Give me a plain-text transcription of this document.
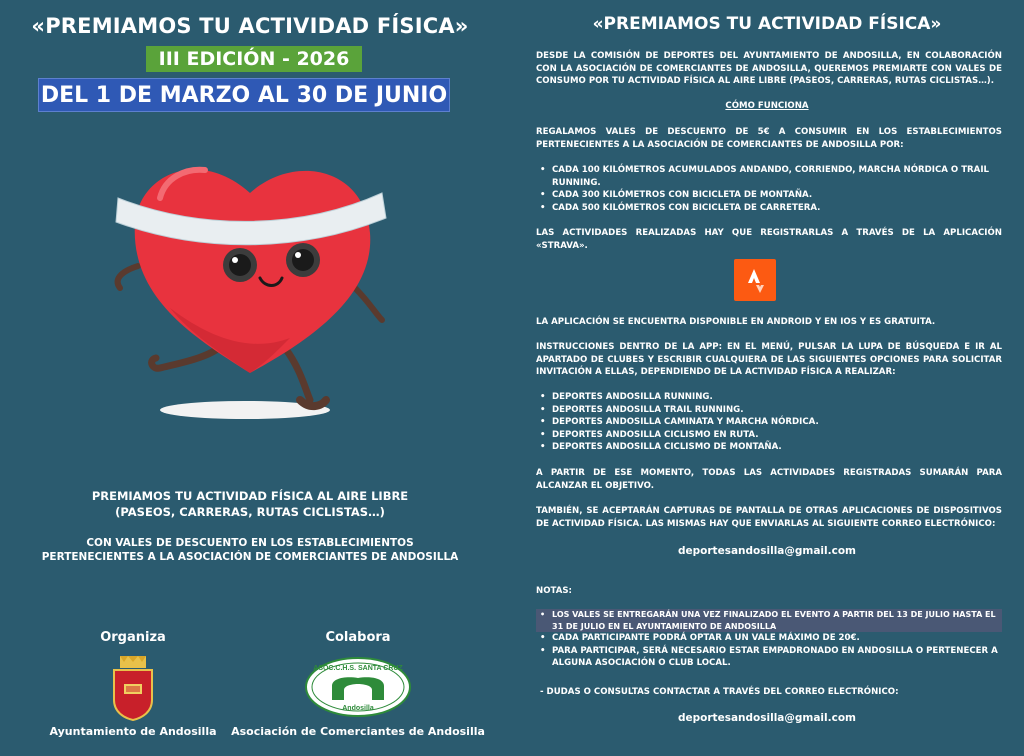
«PREMIAMOS TU ACTIVIDAD FÍSICA»
III EDICIÓN - 2026
DEL 1 DE MARZO AL 30 DE JUNIO
PREMIAMOS TU ACTIVIDAD FÍSICA AL AIRE LIBRE
(PASEOS, CARRERAS, RUTAS CICLISTAS…)
CON VALES DE DESCUENTO EN LOS ESTABLECIMIENTOS
PERTENECIENTES A LA ASOCIACIÓN DE COMERCIANTES DE ANDOSILLA
Organiza	Colabora
ASOC.C.H.S. SANTA CRUZ
Andosilla
Ayuntamiento de Andosilla	Asociación de Comerciantes de Andosilla
«PREMIAMOS TU ACTIVIDAD FÍSICA»
DESDE LA COMISIÓN DE DEPORTES DEL AYUNTAMIENTO DE ANDOSILLA, EN COLABORACIÓN CON LA ASOCIACIÓN DE COMERCIANTES DE ANDOSILLA, QUEREMOS PREMIARTE CON VALES DE CONSUMO POR TU ACTIVIDAD FÍSICA AL AIRE LIBRE (PASEOS, CARRERAS, RUTAS CICLISTAS…).
CÓMO FUNCIONA
REGALAMOS VALES DE DESCUENTO DE 5€ A CONSUMIR EN LOS ESTABLECIMIENTOS PERTENECIENTES A LA ASOCIACIÓN DE COMERCIANTES DE ANDOSILLA POR:
• CADA 100 KILÓMETROS ACUMULADOS ANDANDO, CORRIENDO, MARCHA NÓRDICA O TRAIL RUNNING.
• CADA 300 KILÓMETROS CON BICICLETA DE MONTAÑA.
• CADA 500 KILÓMETROS CON BICICLETA DE CARRETERA.
LAS ACTIVIDADES REALIZADAS HAY QUE REGISTRARLAS A TRAVÉS DE LA APLICACIÓN «STRAVA».
LA APLICACIÓN SE ENCUENTRA DISPONIBLE EN ANDROID Y EN IOS Y ES GRATUITA.
INSTRUCCIONES DENTRO DE LA APP: EN EL MENÚ, PULSAR LA LUPA DE BÚSQUEDA E IR AL APARTADO DE CLUBES Y ESCRIBIR CUALQUIERA DE LAS SIGUIENTES OPCIONES PARA SOLICITAR INVITACIÓN A ELLAS, DEPENDIENDO DE LA ACTIVIDAD FÍSICA A REALIZAR:
• DEPORTES ANDOSILLA RUNNING.
• DEPORTES ANDOSILLA TRAIL RUNNING.
• DEPORTES ANDOSILLA CAMINATA Y MARCHA NÓRDICA.
• DEPORTES ANDOSILLA CICLISMO EN RUTA.
• DEPORTES ANDOSILLA CICLISMO DE MONTAÑA.
A PARTIR DE ESE MOMENTO, TODAS LAS ACTIVIDADES REGISTRADAS SUMARÁN PARA ALCANZAR EL OBJETIVO.
TAMBIÉN, SE ACEPTARÁN CAPTURAS DE PANTALLA DE OTRAS APLICACIONES DE DISPOSITIVOS DE ACTIVIDAD FÍSICA. LAS MISMAS HAY QUE ENVIARLAS AL SIGUIENTE CORREO ELECTRÓNICO:
deportesandosilla@gmail.com
NOTAS:
• LOS VALES SE ENTREGARÁN UNA VEZ FINALIZADO EL EVENTO A PARTIR DEL 13 DE JULIO HASTA EL 31 DE JULIO EN EL AYUNTAMIENTO DE ANDOSILLA
• CADA PARTICIPANTE PODRÁ OPTAR A UN VALE MÁXIMO DE 20€.
• PARA PARTICIPAR, SERÁ NECESARIO ESTAR EMPADRONADO EN ANDOSILLA O PERTENECER A ALGUNA ASOCIACIÓN O CLUB LOCAL.
- DUDAS O CONSULTAS CONTACTAR A TRAVÉS DEL CORREO ELECTRÓNICO:
deportesandosilla@gmail.com
